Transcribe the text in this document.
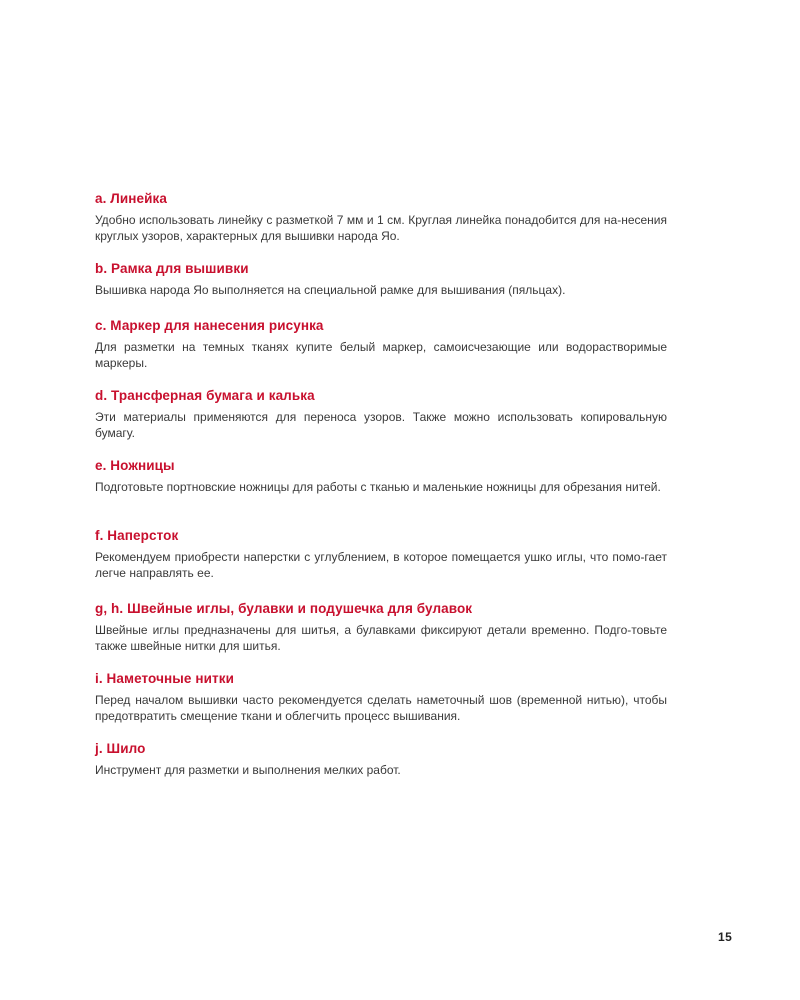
a. Линейка

Удобно использовать линейку с разметкой 7 мм и 1 см. Круглая линейка понадобится для на-несения круглых узоров, характерных для вышивки народа Яо.

b. Рамка для вышивки

Вышивка народа Яо выполняется на специальной рамке для вышивания (пяльцах).

c. Маркер для нанесения рисунка

Для разметки на темных тканях купите белый маркер, самоисчезающие или водорастворимые маркеры.

d. Трансферная бумага и калька

Эти материалы применяются для переноса узоров. Также можно использовать копировальную бумагу.

e. Ножницы

Подготовьте портновские ножницы для работы с тканью и маленькие ножницы для обрезания нитей.

f. Наперсток

Рекомендуем приобрести наперстки с углублением, в которое помещается ушко иглы, что помо-гает легче направлять ее.

g, h. Швейные иглы, булавки и подушечка для булавок

Швейные иглы предназначены для шитья, а булавками фиксируют детали временно. Подго-товьте также швейные нитки для шитья.

i. Наметочные нитки

Перед началом вышивки часто рекомендуется сделать наметочный шов (временной нитью), чтобы предотвратить смещение ткани и облегчить процесс вышивания.

j. Шило

Инструмент для разметки и выполнения мелких работ.

15
